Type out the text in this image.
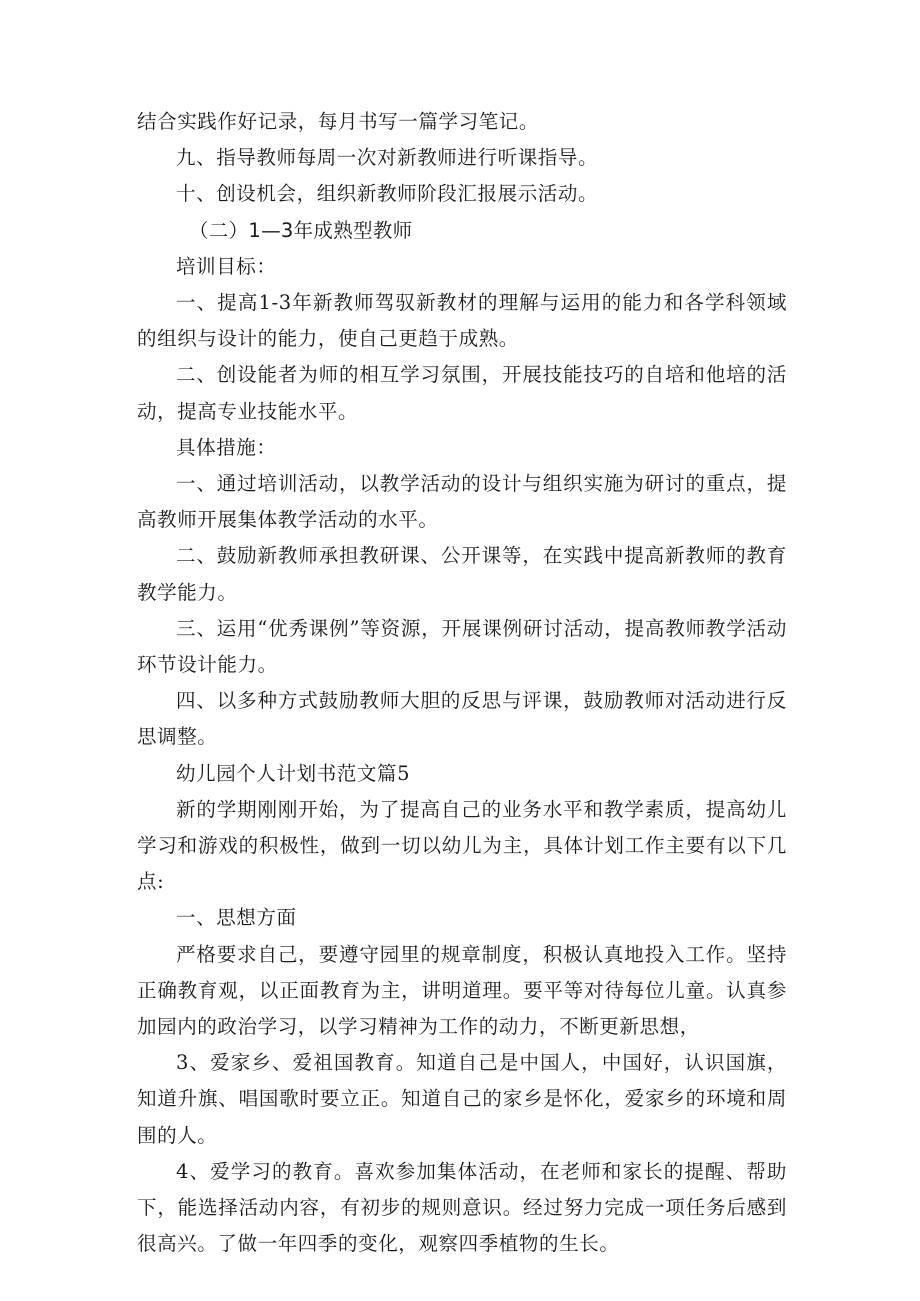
结合实践作好记录，每月书写一篇学习笔记。

九、指导教师每周一次对新教师进行听课指导。

十、创设机会，组织新教师阶段汇报展示活动。

（二）1—3年成熟型教师

培训目标：

一、提高1-3年新教师驾驭新教材的理解与运用的能力和各学科领域的组织与设计的能力，使自己更趋于成熟。

二、创设能者为师的相互学习氛围，开展技能技巧的自培和他培的活动，提高专业技能水平。

具体措施：

一、通过培训活动，以教学活动的设计与组织实施为研讨的重点，提高教师开展集体教学活动的水平。

二、鼓励新教师承担教研课、公开课等，在实践中提高新教师的教育教学能力。

三、运用“优秀课例”等资源，开展课例研讨活动，提高教师教学活动环节设计能力。

四、以多种方式鼓励教师大胆的反思与评课，鼓励教师对活动进行反思调整。

幼儿园个人计划书范文篇5

新的学期刚刚开始，为了提高自己的业务水平和教学素质，提高幼儿学习和游戏的积极性，做到一切以幼儿为主，具体计划工作主要有以下几点:

一、思想方面

严格要求自己，要遵守园里的规章制度，积极认真地投入工作。坚持正确教育观，以正面教育为主，讲明道理。要平等对待每位儿童。认真参加园内的政治学习，以学习精神为工作的动力，不断更新思想，

3、爱家乡、爱祖国教育。知道自己是中国人，中国好，认识国旗，知道升旗、唱国歌时要立正。知道自己的家乡是怀化，爱家乡的环境和周围的人。

4、爱学习的教育。喜欢参加集体活动，在老师和家长的提醒、帮助下，能选择活动内容，有初步的规则意识。经过努力完成一项任务后感到很高兴。了做一年四季的变化，观察四季植物的生长。
